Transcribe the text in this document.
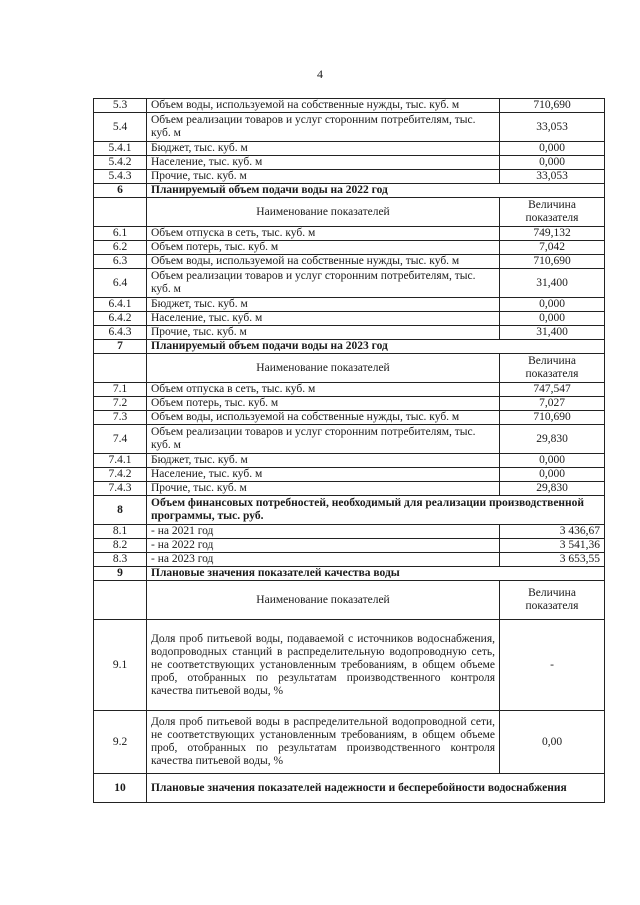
4
5.3	Объем воды, используемой на собственные нужды, тыс. куб. м	710,690
5.4	Объем реализации товаров и услуг сторонним потребителям, тыс. куб. м	33,053
5.4.1	Бюджет, тыс. куб. м	0,000
5.4.2	Население, тыс. куб. м	0,000
5.4.3	Прочие, тыс. куб. м	33,053
6	Планируемый объем подачи воды на 2022 год	
	Наименование показателей	Величина показателя
6.1	Объем отпуска в сеть, тыс. куб. м	749,132
6.2	Объем потерь, тыс. куб. м	7,042
6.3	Объем воды, используемой на собственные нужды, тыс. куб. м	710,690
6.4	Объем реализации товаров и услуг сторонним потребителям, тыс. куб. м	31,400
6.4.1	Бюджет, тыс. куб. м	0,000
6.4.2	Население, тыс. куб. м	0,000
6.4.3	Прочие, тыс. куб. м	31,400
7	Планируемый объем подачи воды на 2023 год	
	Наименование показателей	Величина показателя
7.1	Объем отпуска в сеть, тыс. куб. м	747,547
7.2	Объем потерь, тыс. куб. м	7,027
7.3	Объем воды, используемой на собственные нужды, тыс. куб. м	710,690
7.4	Объем реализации товаров и услуг сторонним потребителям, тыс. куб. м	29,830
7.4.1	Бюджет, тыс. куб. м	0,000
7.4.2	Население, тыс. куб. м	0,000
7.4.3	Прочие, тыс. куб. м	29,830
8	Объем финансовых потребностей, необходимый для реализации производственной программы, тыс. руб.	
8.1	- на 2021 год	3 436,67
8.2	- на 2022 год	3 541,36
8.3	- на 2023 год	3 653,55
9	Плановые значения показателей качества воды	
	Наименование показателей	Величина показателя
9.1	Доля проб питьевой воды, подаваемой с источников водоснабжения, водопроводных станций в распределительную водопроводную сеть, не соответствующих установленным требованиям, в общем объеме проб, отобранных по результатам производственного контроля качества питьевой воды, %	-
9.2	Доля проб питьевой воды в распределительной водопроводной сети, не соответствующих установленным требованиям, в общем объеме проб, отобранных по результатам производственного контроля качества питьевой воды, %	0,00
10	Плановые значения показателей надежности и бесперебойности водоснабжения	
